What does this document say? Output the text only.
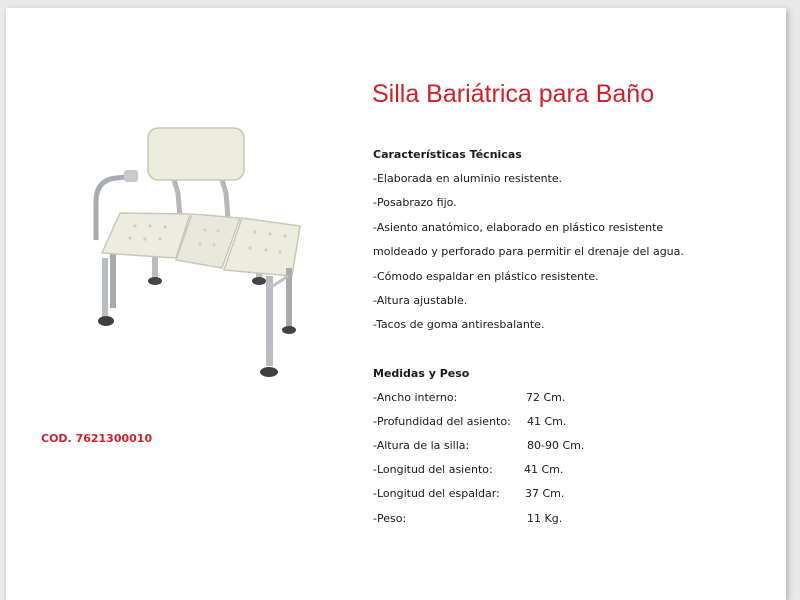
Silla Bariátrica para Baño
COD. 7621300010
Características Técnicas
-Elaborada en aluminio resistente.
-Posabrazo fijo.
-Asiento anatómico, elaborado en plástico resistente
moldeado y perforado para permitir el drenaje del agua.
-Cómodo espaldar en plástico resistente.
-Altura ajustable.
-Tacos de goma antiresbalante.
Medidas y Peso
-Ancho interno:	72 Cm.
-Profundidad del asiento: 41 Cm.
-Altura de la silla:	80-90 Cm.
-Longitud del asiento:	41 Cm.
-Longitud del espaldar: 37 Cm.
-Peso:	11 Kg.
